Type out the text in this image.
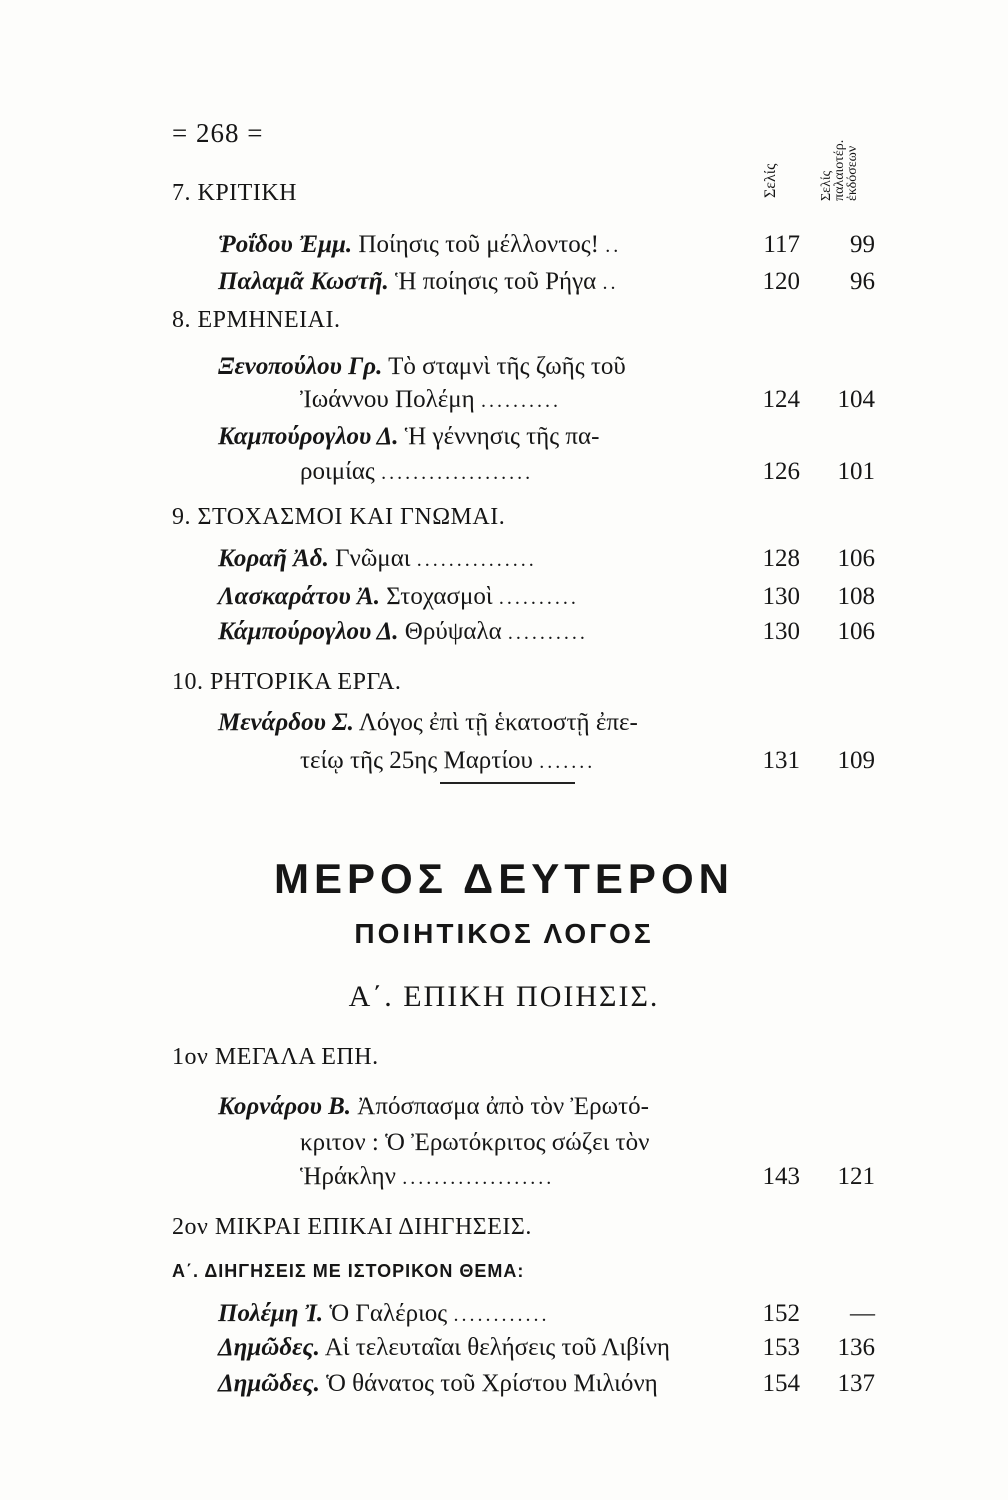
= 268 =
Σελίς	Σελίς παλαιοτέρ. ἐκδόσεων
7. ΚΡΙΤΙΚΗ
Ῥοΐδου Ἐμμ. Ποίησις τοῦ μέλλοντος! ..	117	99
Παλαμᾶ Κωστῆ. Ἡ ποίησις τοῦ Ρήγα ..	120	96
8. ΕΡΜΗΝΕΙΑΙ.
Ξενοπούλου Γρ. Τὸ σταμνὶ τῆς ζωῆς τοῦ
Ἰωάννου Πολέμη ..........	124	104
Καμπούρογλου Δ. Ἡ γέννησις τῆς πα-
ροιμίας ...................	126	101
9. ΣΤΟΧΑΣΜΟΙ ΚΑΙ ΓΝΩΜΑΙ.
Κοραῆ Ἀδ. Γνῶμαι ...............	128	106
Λασκαράτου Ἀ. Στοχασμοὶ ..........	130	108
Κάμπούρογλου Δ. Θρύψαλα ..........	130	106
10. ΡΗΤΟΡΙΚΑ ΕΡΓΑ.
Μενάρδου Σ. Λόγος ἐπὶ τῇ ἑκατοστῇ ἐπε-
τείῳ τῆς 25ης Μαρτίου .......	131	109
ΜΕΡΟΣ ΔΕΥΤΕΡΟΝ
ΠΟΙΗΤΙΚΟΣ ΛΟΓΟΣ
Α΄. ΕΠΙΚΗ ΠΟΙΗΣΙΣ.
1ον ΜΕΓΑΛΑ ΕΠΗ.
Κορνάρου Β. Ἀπόσπασμα ἀπὸ τὸν Ἐρωτό-
κριτον : Ὁ Ἐρωτόκριτος σώζει τὸν
Ἡράκλην ...................	143	121
2ον ΜΙΚΡΑΙ ΕΠΙΚΑΙ ΔΙΗΓΗΣΕΙΣ.
Α΄. ΔΙΗΓΗΣΕΙΣ ΜΕ ΙΣΤΟΡΙΚΟΝ ΘΕΜΑ:
Πολέμη Ἰ. Ὁ Γαλέριος ............	152	—
Δημῶδες. Αἱ τελευταῖαι θελήσεις τοῦ Λιβίνη	153	136
Δημῶδες. Ὁ θάνατος τοῦ Χρίστου Μιλιόνη	154	137
